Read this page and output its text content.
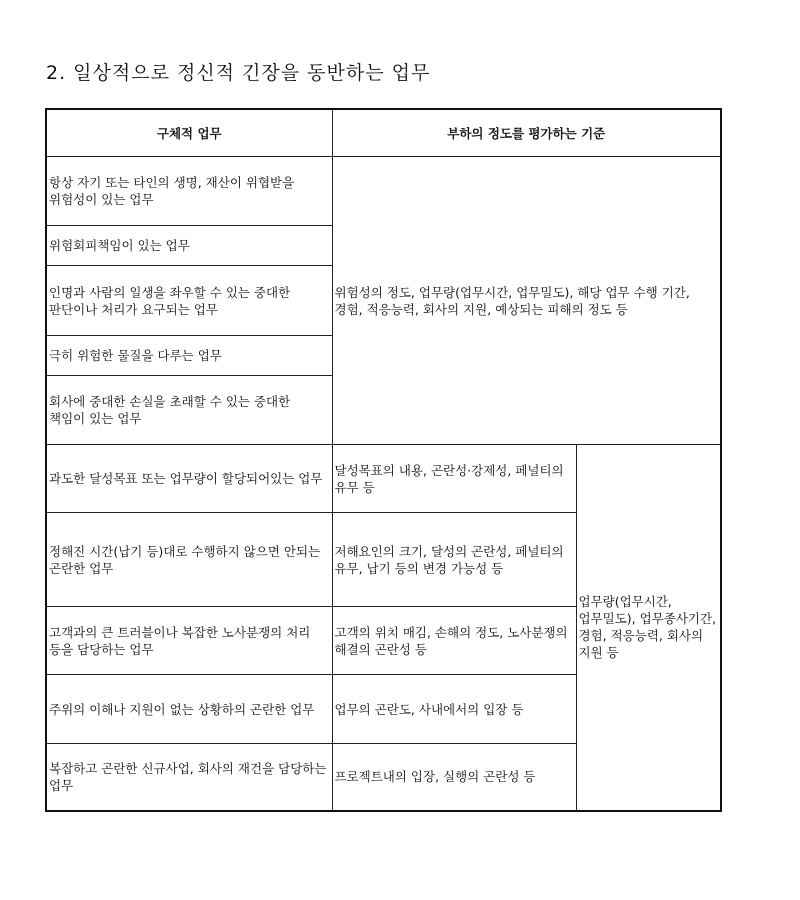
2. 일상적으로 정신적 긴장을 동반하는 업무
구체적 업무	부하의 정도를 평가하는 기준	
항상 자기 또는 타인의 생명, 재산이 위협받을 위험성이 있는 업무	위험성의 정도, 업무량(업무시간, 업무밀도), 해당 업무 수행 기간, 경험, 적응능력, 회사의 지원, 예상되는 피해의 정도 등	
위험회피책임이 있는 업무		
인명과 사람의 일생을 좌우할 수 있는 중대한 판단이나 처리가 요구되는 업무		
극히 위험한 물질을 다루는 업무		
회사에 중대한 손실을 초래할 수 있는 중대한 책임이 있는 업무		
과도한 달성목표 또는 업무량이 할당되어있는 업무	달성목표의 내용, 곤란성·강제성, 페널티의 유무 등	업무량(업무시간, 업무밀도), 업무종사기간, 경험, 적응능력, 회사의 지원 등
정해진 시간(납기 등)대로 수행하지 않으면 안되는 곤란한 업무	저해요인의 크기, 달성의 곤란성, 페널티의 유무, 납기 등의 변경 가능성 등	
고객과의 큰 트러블이나 복잡한 노사분쟁의 처리 등을 담당하는 업무	고객의 위치 매김, 손해의 정도, 노사분쟁의 해결의 곤란성 등	
주위의 이해나 지원이 없는 상황하의 곤란한 업무	업무의 곤란도, 사내에서의 입장 등	
복잡하고 곤란한 신규사업, 회사의 재건을 담당하는 업무	프로젝트내의 입장, 실행의 곤란성 등	
